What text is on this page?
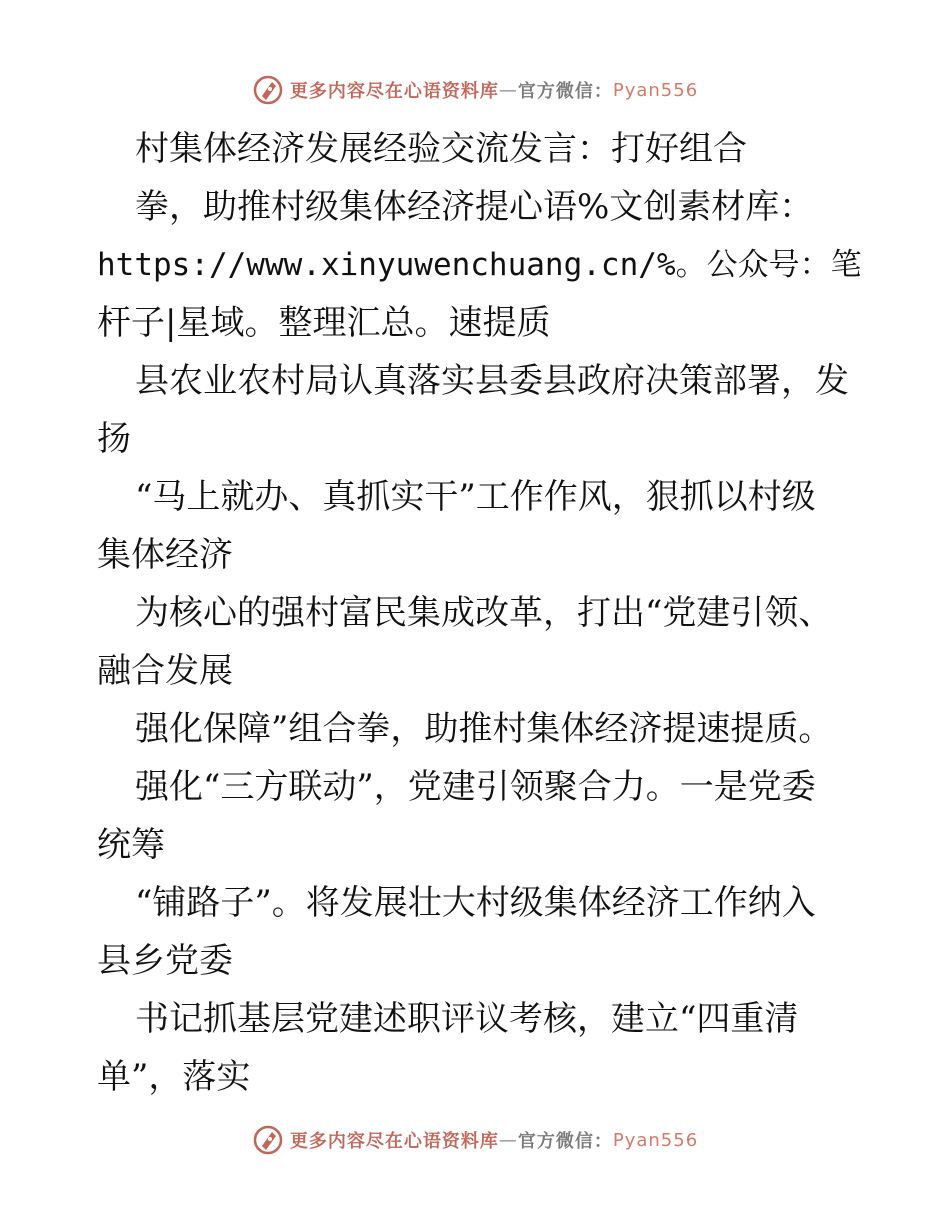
更多内容尽在心语资料库 — 官方微信： Pyan556
村集体经济发展经验交流发言：打好组合
拳，助推村级集体经济提心语%文创素材库：
https://www.xinyuwenchuang.cn/%。公众号：笔
杆子|星域。整理汇总。速提质
县农业农村局认真落实县委县政府决策部署，发
扬
“马上就办、真抓实干”工作作风，狠抓以村级
集体经济
为核心的强村富民集成改革，打出“党建引领、
融合发展
强化保障”组合拳，助推村集体经济提速提质。
强化“三方联动”，党建引领聚合力。一是党委
统筹
“铺路子”。将发展壮大村级集体经济工作纳入
县乡党委
书记抓基层党建述职评议考核，建立“四重清
单”，落实
更多内容尽在心语资料库 — 官方微信： Pyan556
